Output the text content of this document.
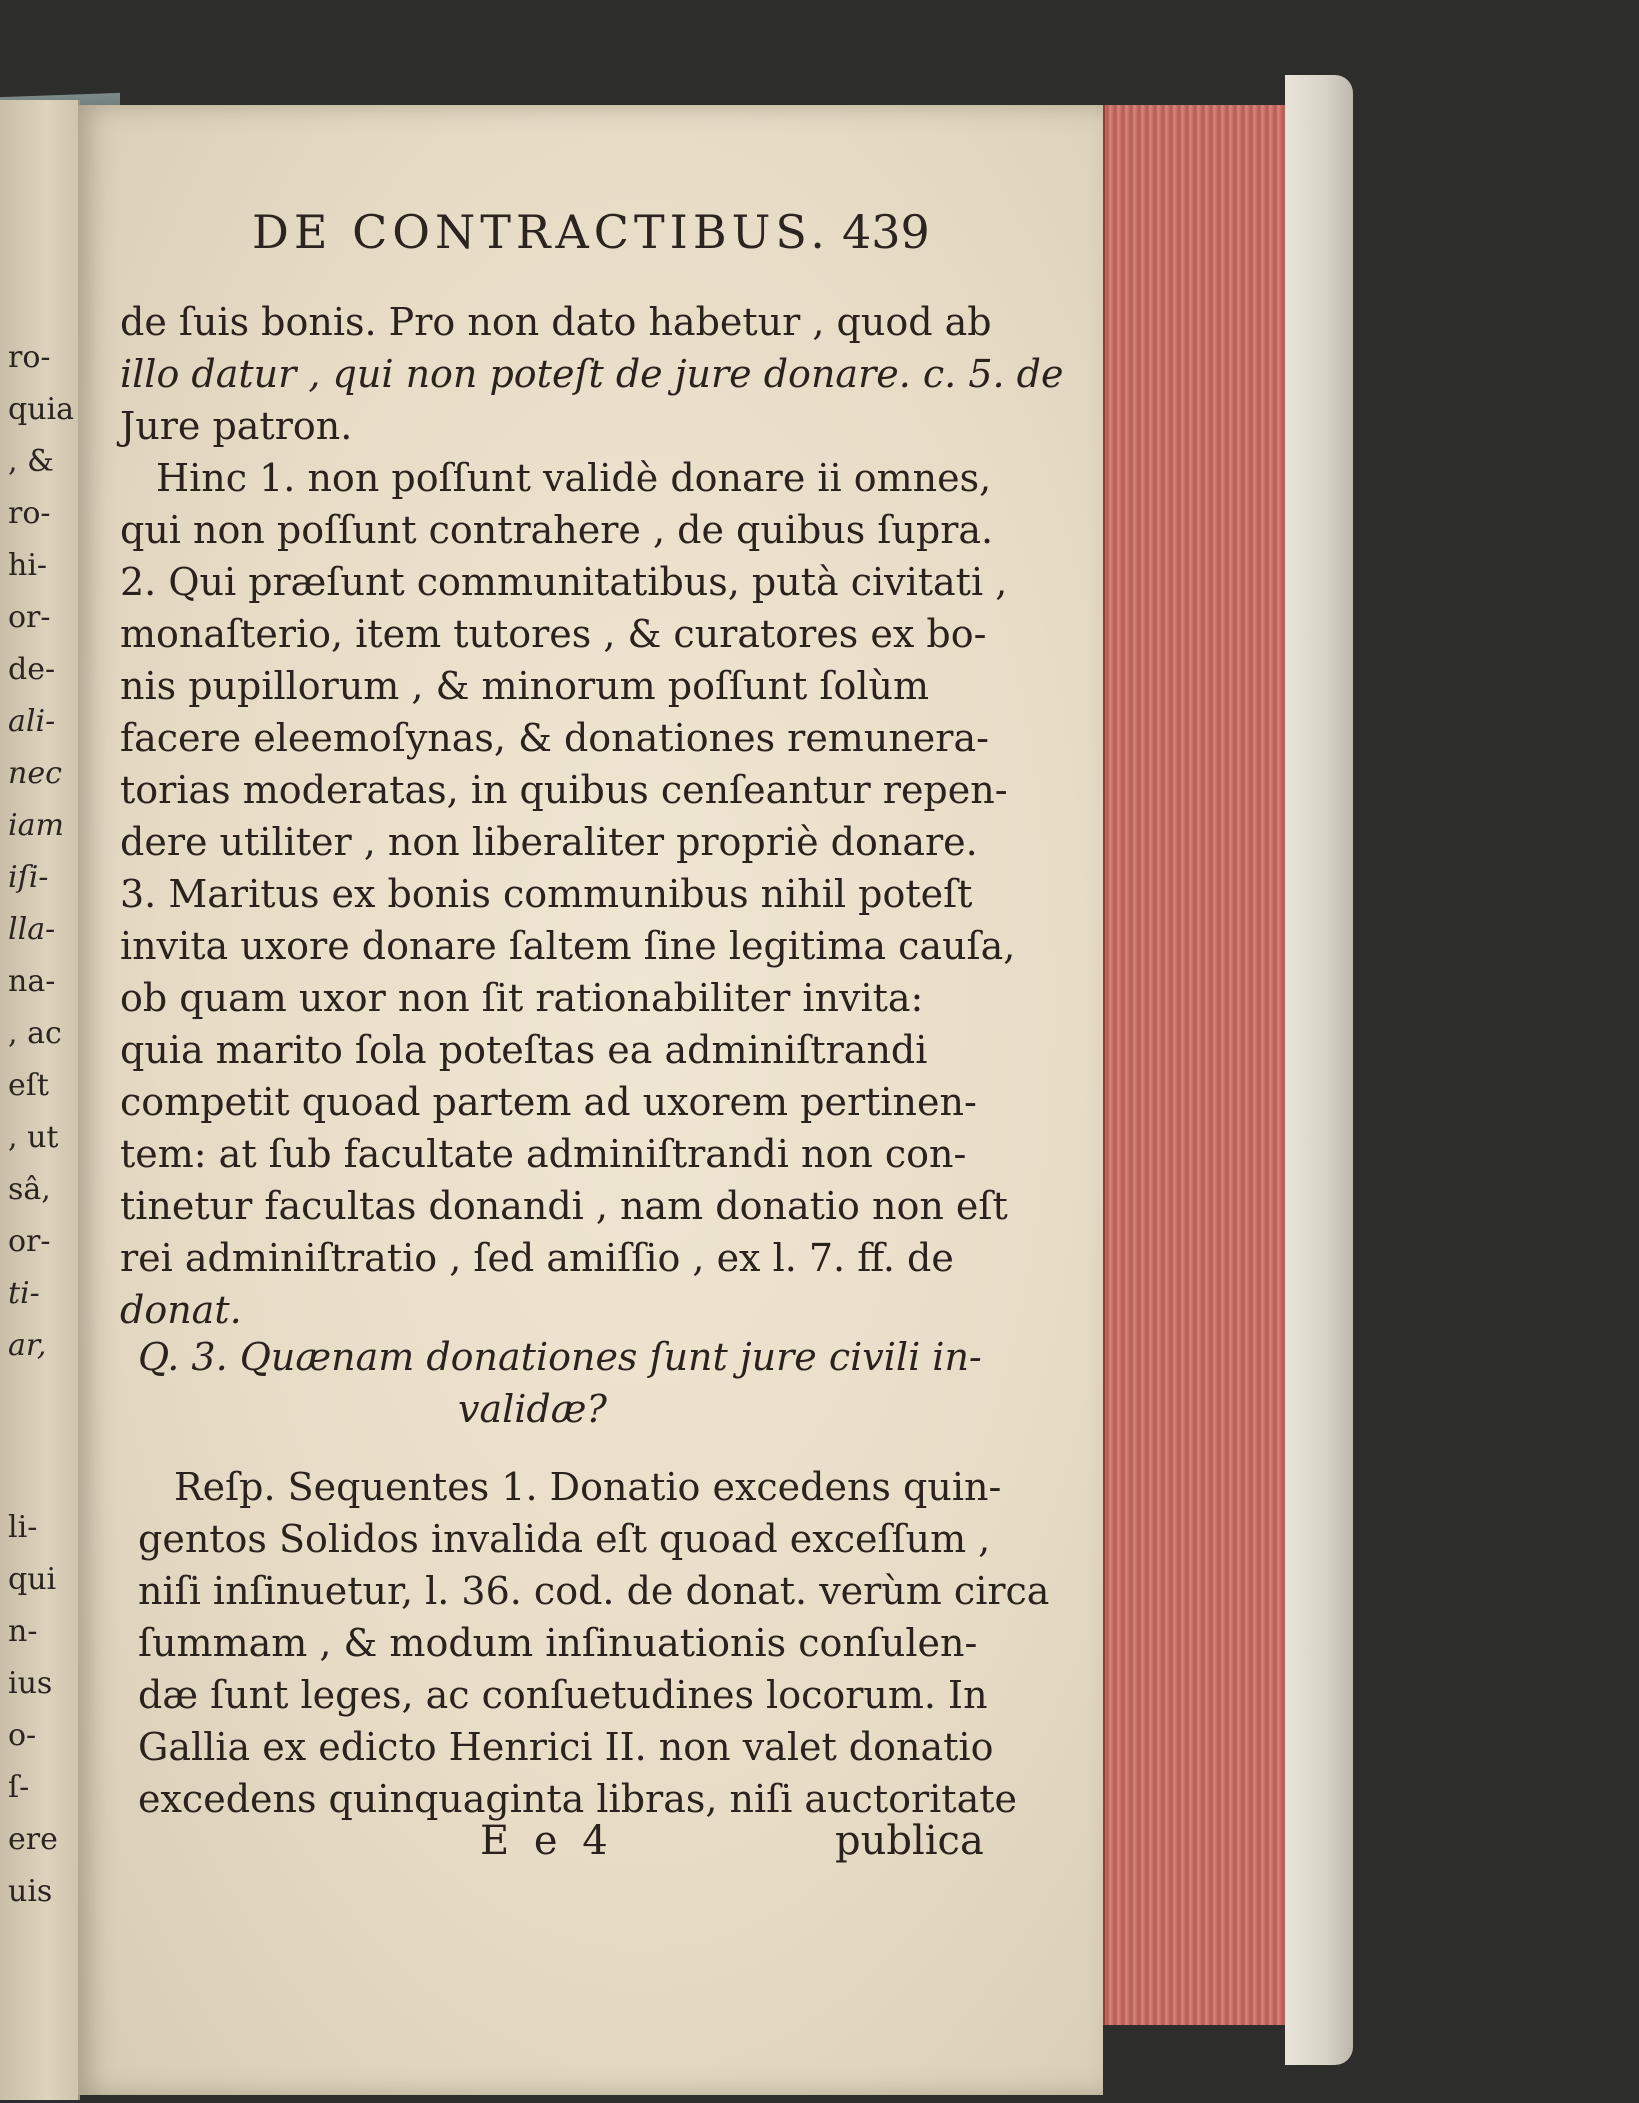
ro-
quia
, &
ro-
hi-
or-
de-
ali-
nec
iam
iſi-
lla-
na-
, ac
eſt
, ut
sâ,
or-
ti-
ar,
li-
qui
n-
ius
o-
ſ-
ere
uis
DE CONTRACTIBUS. 439
de ſuis bonis. Pro non dato habetur , quod ab
illo datur , qui non poteſt de jure donare. c. 5. de
Jure patron.
Hinc 1. non poſſunt validè donare ii omnes,
qui non poſſunt contrahere , de quibus ſupra.
2. Qui præſunt communitatibus, putà civitati ,
monaſterio, item tutores , & curatores ex bo-
nis pupillorum , & minorum poſſunt ſolùm
facere eleemoſynas, & donationes remunera-
torias moderatas, in quibus cenſeantur repen-
dere utiliter , non liberaliter propriè donare.
3. Maritus ex bonis communibus nihil poteſt
invita uxore donare ſaltem ſine legitima cauſa,
ob quam uxor non ſit rationabiliter invita:
quia marito ſola poteſtas ea adminiſtrandi
competit quoad partem ad uxorem pertinen-
tem: at ſub facultate adminiſtrandi non con-
tinetur facultas donandi , nam donatio non eſt
rei adminiſtratio , ſed amiſſio , ex l. 7. ff. de
donat.
Q. 3. Quænam donationes ſunt jure civili in-
validæ?
Reſp. Sequentes 1. Donatio excedens quin-
gentos Solidos invalida eſt quoad exceſſum ,
niſi inſinuetur, l. 36. cod. de donat. verùm circa
ſummam , & modum inſinuationis conſulen-
dæ ſunt leges, ac conſuetudines locorum. In
Gallia ex edicto Henrici II. non valet donatio
excedens quinquaginta libras, niſi auctoritate
E e 4	publica
